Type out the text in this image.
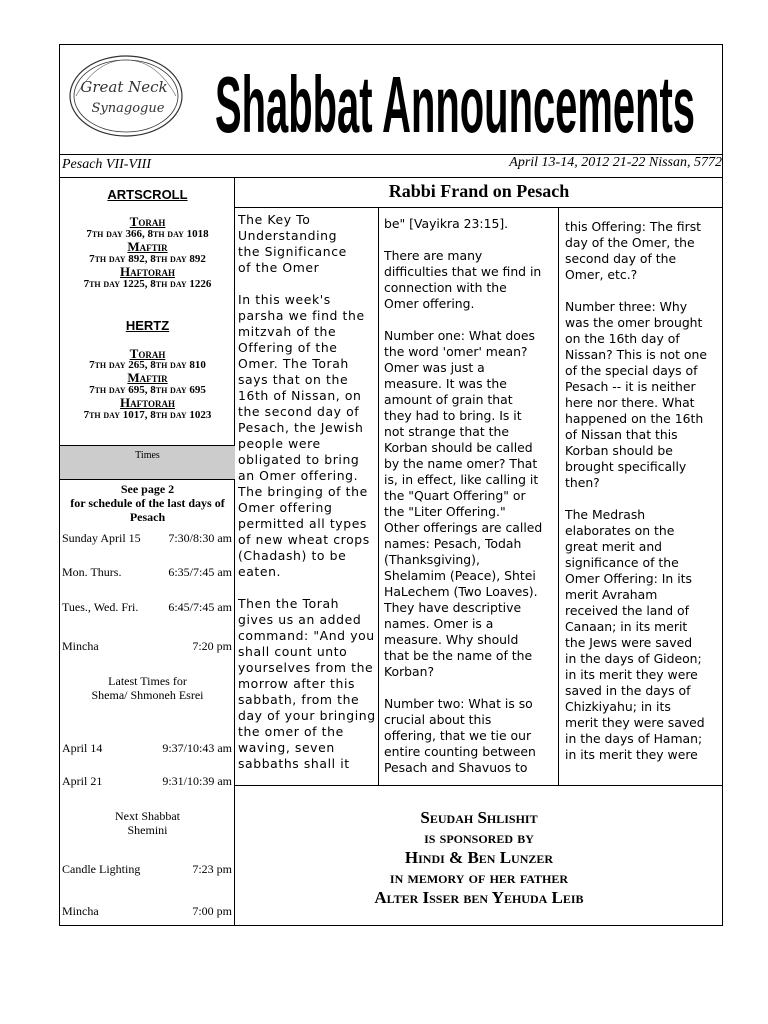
Great Neck
Synagogue Shabbat Announcements
Pesach VII-VIII	April 13-14, 2012 21-22 Nissan, 5772
ARTSCROLL
Torah
7th day 366, 8th day 1018
Maftir
7th day 892, 8th day 892
Haftorah
7th day 1225, 8th day 1226
HERTZ
Torah
7th day 265, 8th day 810
Maftir
7th day 695, 8th day 695
Haftorah
7th day 1017, 8th day 1023
Times
See page 2
for schedule of the last days of Pesach
Sunday April 15 7:30/8:30 am
Mon. Thurs.	6:35/7:45 am
Tues., Wed. Fri. 6:45/7:45 am
Mincha	7:20 pm
Latest Times for
Shema/ Shmoneh Esrei
April 14	9:37/10:43 am
April 21	9:31/10:39 am
Next Shabbat
Shemini
Candle Lighting	7:23 pm
Mincha	7:00 pm
Rabbi Frand on Pesach
The Key To
Understanding
the Significance
of the Omer

In this week's
parsha we find the
mitzvah of the
Offering of the
Omer. The Torah
says that on the
16th of Nissan, on
the second day of
Pesach, the Jewish
people were
obligated to bring
an Omer offering.
The bringing of the
Omer offering
permitted all types
of new wheat crops
(Chadash) to be
eaten.

Then the Torah
gives us an added
command: "And you
shall count unto
yourselves from the
morrow after this
sabbath, from the
day of your bringing
the omer of the
waving, seven
sabbaths shall it
be" [Vayikra 23:15].

There are many
difficulties that we find in
connection with the
Omer offering.

Number one: What does
the word 'omer' mean?
Omer was just a
measure. It was the
amount of grain that
they had to bring. Is it
not strange that the
Korban should be called
by the name omer? That
is, in effect, like calling it
the "Quart Offering" or
the "Liter Offering."
Other offerings are called
names: Pesach, Todah
(Thanksgiving),
Shelamim (Peace), Shtei
HaLechem (Two Loaves).
They have descriptive
names. Omer is a
measure. Why should
that be the name of the
Korban?

Number two: What is so
crucial about this
offering, that we tie our
entire counting between
Pesach and Shavuos to
this Offering: The first
day of the Omer, the
second day of the
Omer, etc.?

Number three: Why
was the omer brought
on the 16th day of
Nissan? This is not one
of the special days of
Pesach -- it is neither
here nor there. What
happened on the 16th
of Nissan that this
Korban should be
brought specifically
then?

The Medrash
elaborates on the
great merit and
significance of the
Omer Offering: In its
merit Avraham
received the land of
Canaan; in its merit
the Jews were saved
in the days of Gideon;
in its merit they were
saved in the days of
Chizkiyahu; in its
merit they were saved
in the days of Haman;
in its merit they were
Seudah Shlishit
is sponsored by
Hindi & Ben Lunzer
in memory of her father
Alter Isser ben Yehuda Leib
